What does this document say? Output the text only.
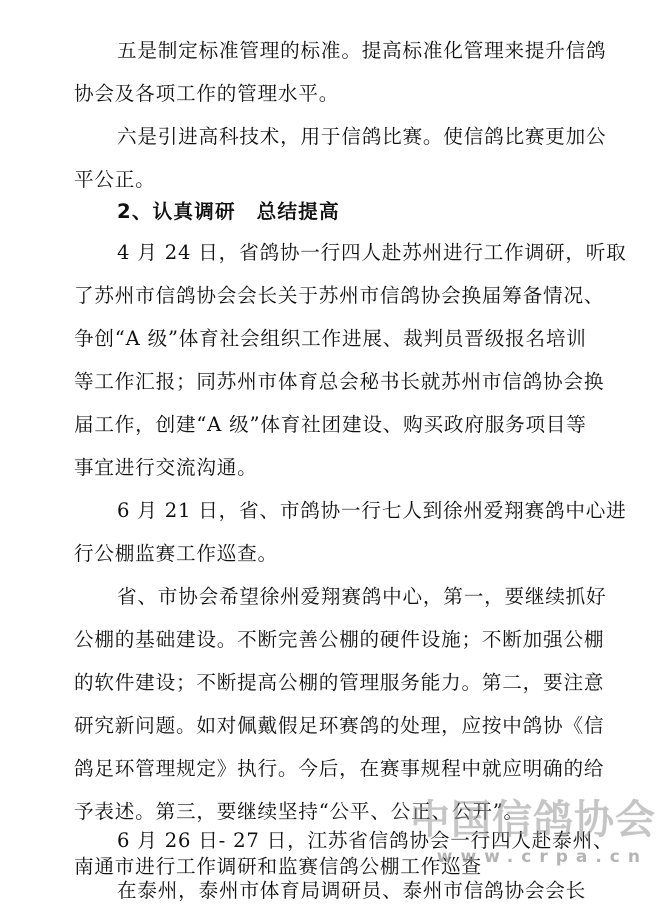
五是制定标准管理的标准。提高标准化管理来提升信鸽
协会及各项工作的管理水平。
六是引进高科技术，用于信鸽比赛。使信鸽比赛更加公
平公正。
2、认真调研　总结提高
4 月 24 日，省鸽协一行四人赴苏州进行工作调研，听取
了苏州市信鸽协会会长关于苏州市信鸽协会换届筹备情况、
争创“A 级”体育社会组织工作进展、裁判员晋级报名培训
等工作汇报；同苏州市体育总会秘书长就苏州市信鸽协会换
届工作，创建“A 级”体育社团建设、购买政府服务项目等
事宜进行交流沟通。
6 月 21 日，省、市鸽协一行七人到徐州爱翔赛鸽中心进
行公棚监赛工作巡查。
省、市协会希望徐州爱翔赛鸽中心，第一，要继续抓好
公棚的基础建设。不断完善公棚的硬件设施；不断加强公棚
的软件建设；不断提高公棚的管理服务能力。第二，要注意
研究新问题。如对佩戴假足环赛鸽的处理，应按中鸽协《信
鸽足环管理规定》执行。今后，在赛事规程中就应明确的给
予表述。第三，要继续坚持“公平、公正、公开”。
6 月 26 日- 27 日，江苏省信鸽协会一行四人赴泰州、
南通市进行工作调研和监赛信鸽公棚工作巡查
在泰州，泰州市体育局调研员、泰州市信鸽协会会长
中国信鸽协会
www.crpa.cn
